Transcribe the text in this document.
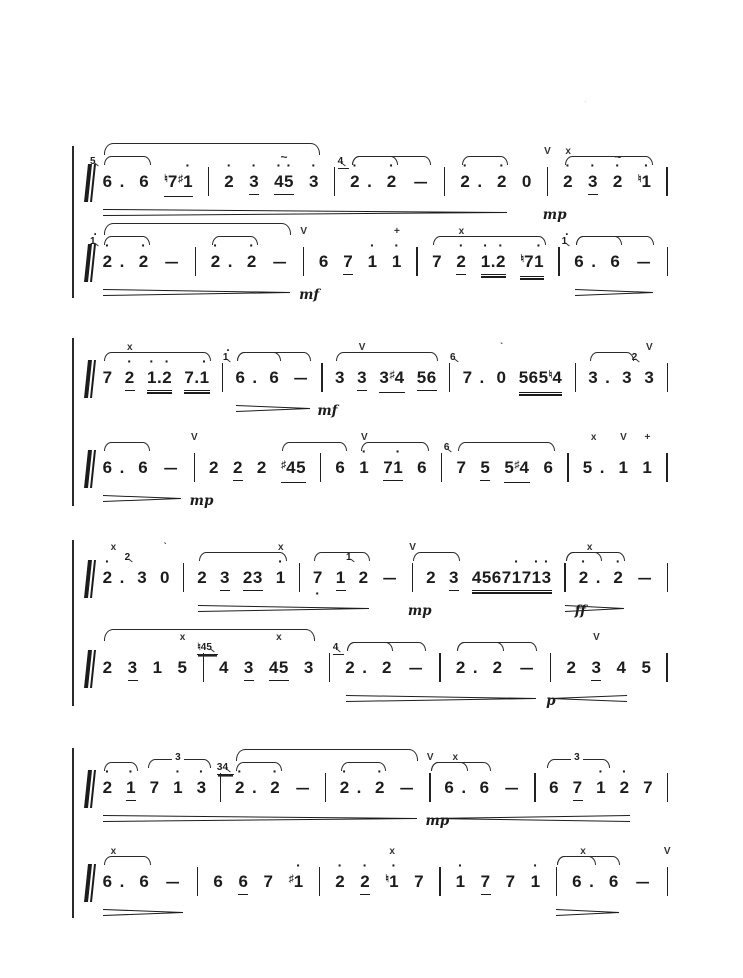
·
6 .
5
6 ♮7♯· 1 · 2 · 3 · 4· 5
~
· 3 · 2 .
4
· 2 — · 2 . · 2 0
V
mp
· 2
x
· 3 · 2
~
♮· 1
· 2 .
· 1
· 2 — · 2 . · 2 —
V
mf
6 7 · 1 · 1
+
7 · 2
x
· 1.· 2 ♮7· 1 6 .
· 1
6 —
7 · 2
x
· 1.· 2 7.· 1 6 .
· 1
6 —
mf
3 3
V
3♯4 56 7 .
6
0
ˋ
565♮4 3 . 3 3
2
V
6 . 6 —
V
mp
2 2 2 ♯45 6 · 1
V
7· 1 6 7
6
5 5♯4 6 5 .
x
1
V
1
+
· 2 .
x
3
2
0
ˋ
2 3 23 · 1
x
7 · 1 2
1
—
V
mp
2 3 4567· 17· 1· 3 · 2 .
x
ff
· 2 —
2 3 1 5
x
4
♮45
3 45
x
3 2 .
4
2 — 2 . 2 —
p
2 3
V
4 5
· 2 · 1 7 · 1 · 3 · 2 .
34
· 2 — · 2 . · 2 —
V
mp
6 .
x
6 — 6 7 · 1 · 2 7
3	3
6 .
x
6 — 6 6 7 ♯· 1 · 2 · 2 ♮· 1
x
7 · 1 7 7 · 1 6 .
x
6 —
V
